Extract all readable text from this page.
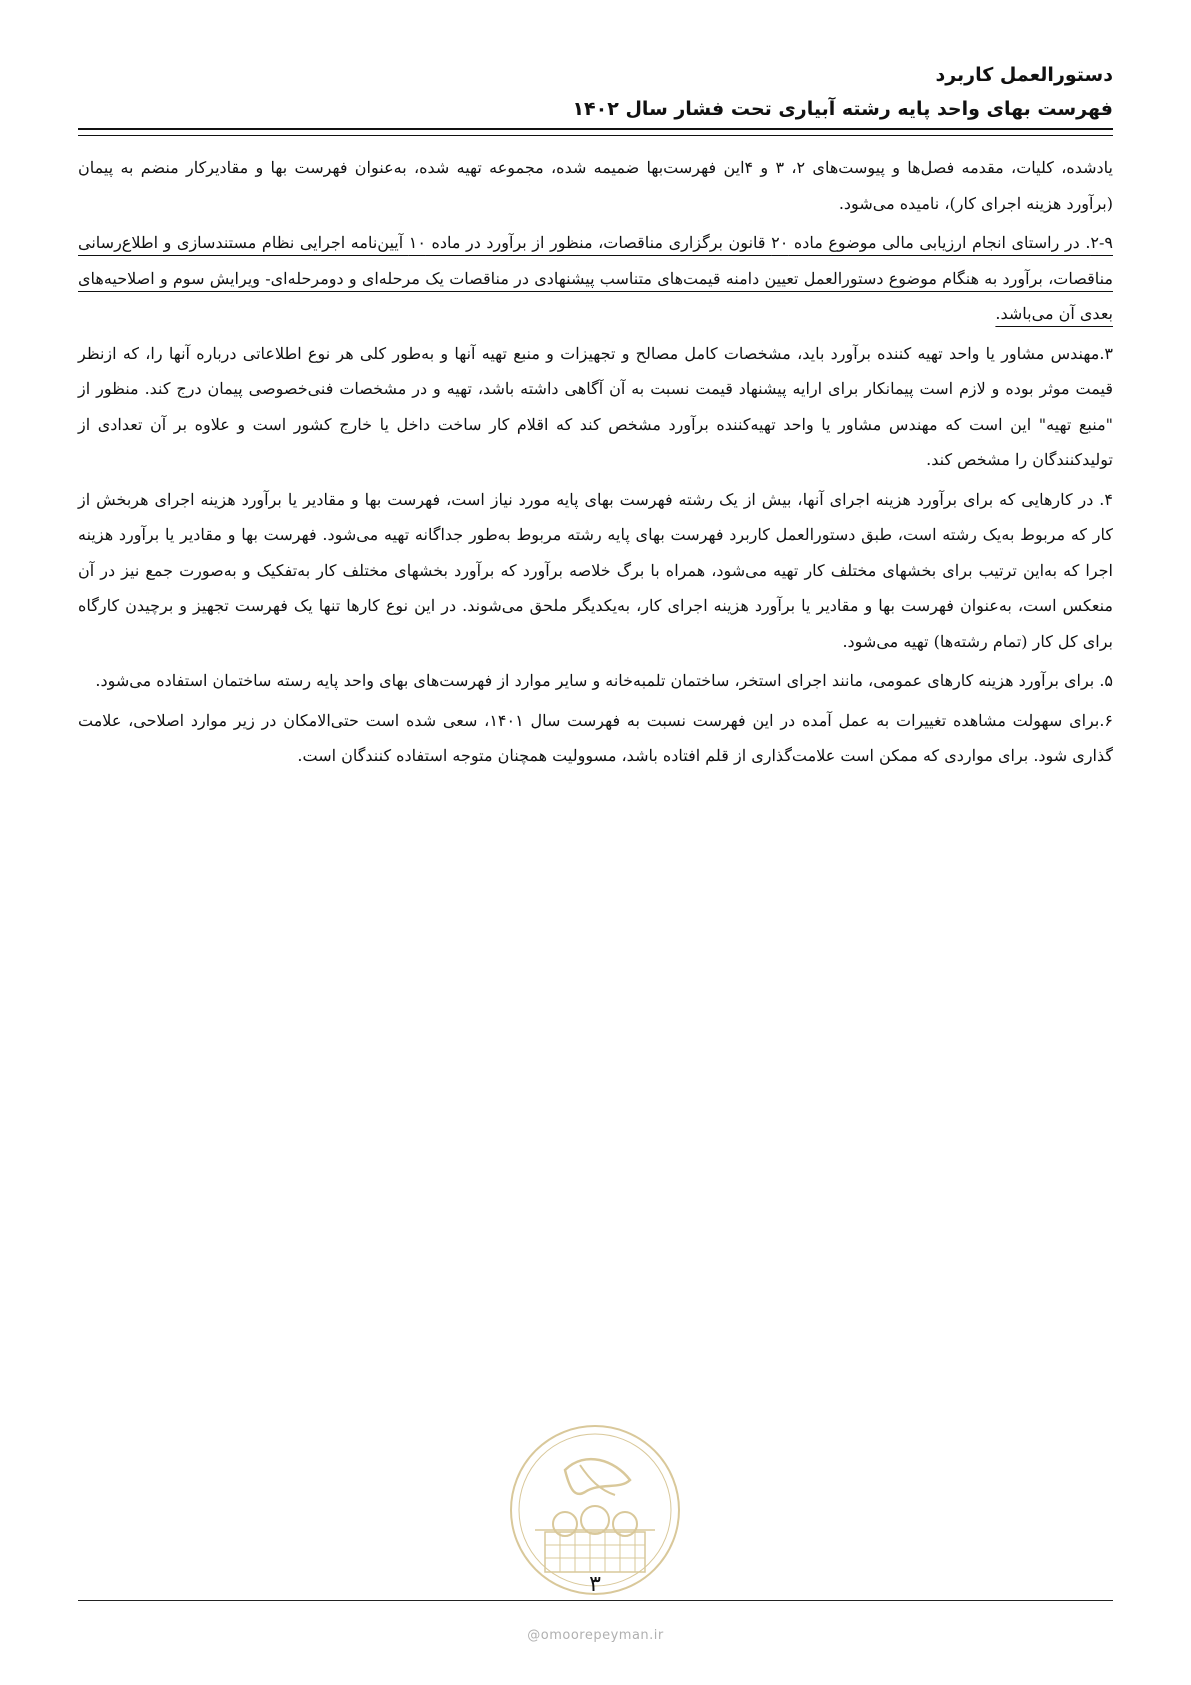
دستورالعمل کاربرد
فهرست بهای واحد پایه رشته آبیاری تحت فشار سال ۱۴۰۲

یادشده، کلیات، مقدمه فصل‌ها و پیوست‌های ۲، ۳ و ۴این فهرست‌بها ضمیمه شده، مجموعه تهیه شده، به‌عنوان فهرست بها و مقادیرکار منضم به پیمان (برآورد هزینه اجرای کار)، نامیده می‌شود.

۲-۹. در راستای انجام ارزیابی مالی موضوع ماده ۲۰ قانون برگزاری مناقصات، منظور از برآورد در ماده ۱۰ آیین‌نامه اجرایی نظام مستندسازی و اطلاع‌رسانی مناقصات، برآورد به هنگام موضوع دستورالعمل تعیین دامنه قیمت‌های متناسب پیشنهادی در مناقصات یک مرحله‌ای و دومرحله‌ای- ویرایش سوم و اصلاحیه‌های بعدی آن می‌باشد.

۳.مهندس مشاور یا واحد تهیه کننده برآورد باید، مشخصات کامل مصالح و تجهیزات و منبع تهیه آنها و به‌طور کلی هر نوع اطلاعاتی درباره آنها را، که ازنظر قیمت موثر بوده و لازم است پیمانکار برای ارایه پیشنهاد قیمت نسبت به آن آگاهی داشته باشد، تهیه و در مشخصات فنی‌خصوصی پیمان درج کند. منظور از "منبع تهیه" این است که مهندس مشاور یا واحد تهیه‌کننده برآورد مشخص کند که اقلام کار ساخت داخل یا خارج کشور است و علاوه بر آن تعدادی از تولیدکنندگان را مشخص کند.

۴. در کارهایی که برای برآورد هزینه اجرای آنها، بیش از یک رشته فهرست بهای پایه مورد نیاز است، فهرست بها و مقادیر یا برآورد هزینه اجرای هربخش از کار که مربوط به‌یک رشته است، طبق دستورالعمل کاربرد فهرست بهای پایه رشته مربوط به‌طور جداگانه تهیه می‌شود. فهرست بها و مقادیر یا برآورد هزینه اجرا که به‌این ترتیب برای بخشهای مختلف کار تهیه می‌شود، همراه با برگ خلاصه برآورد که برآورد بخشهای مختلف کار به‌تفکیک و به‌صورت جمع نیز در آن منعکس است، به‌عنوان فهرست بها و مقادیر یا برآورد هزینه اجرای کار، به‌یکدیگر ملحق می‌شوند. در این نوع کارها تنها یک فهرست تجهیز و برچیدن کارگاه برای کل کار (تمام رشته‌ها) تهیه می‌شود.

۵. برای برآورد هزینه کارهای عمومی، مانند اجرای استخر، ساختمان تلمبه‌خانه و سایر موارد از فهرست‌های بهای واحد پایه رسته ساختمان استفاده می‌شود.

۶.برای سهولت مشاهده تغییرات به عمل آمده در این فهرست نسبت به فهرست سال ۱۴۰۱، سعی شده است حتی‌الامکان در زیر موارد اصلاحی، علامت گذاری شود. برای مواردی که ممکن است علامت‌گذاری از قلم افتاده باشد، مسوولیت همچنان متوجه استفاده کنندگان است.

۳
@omoorepeyman.ir
